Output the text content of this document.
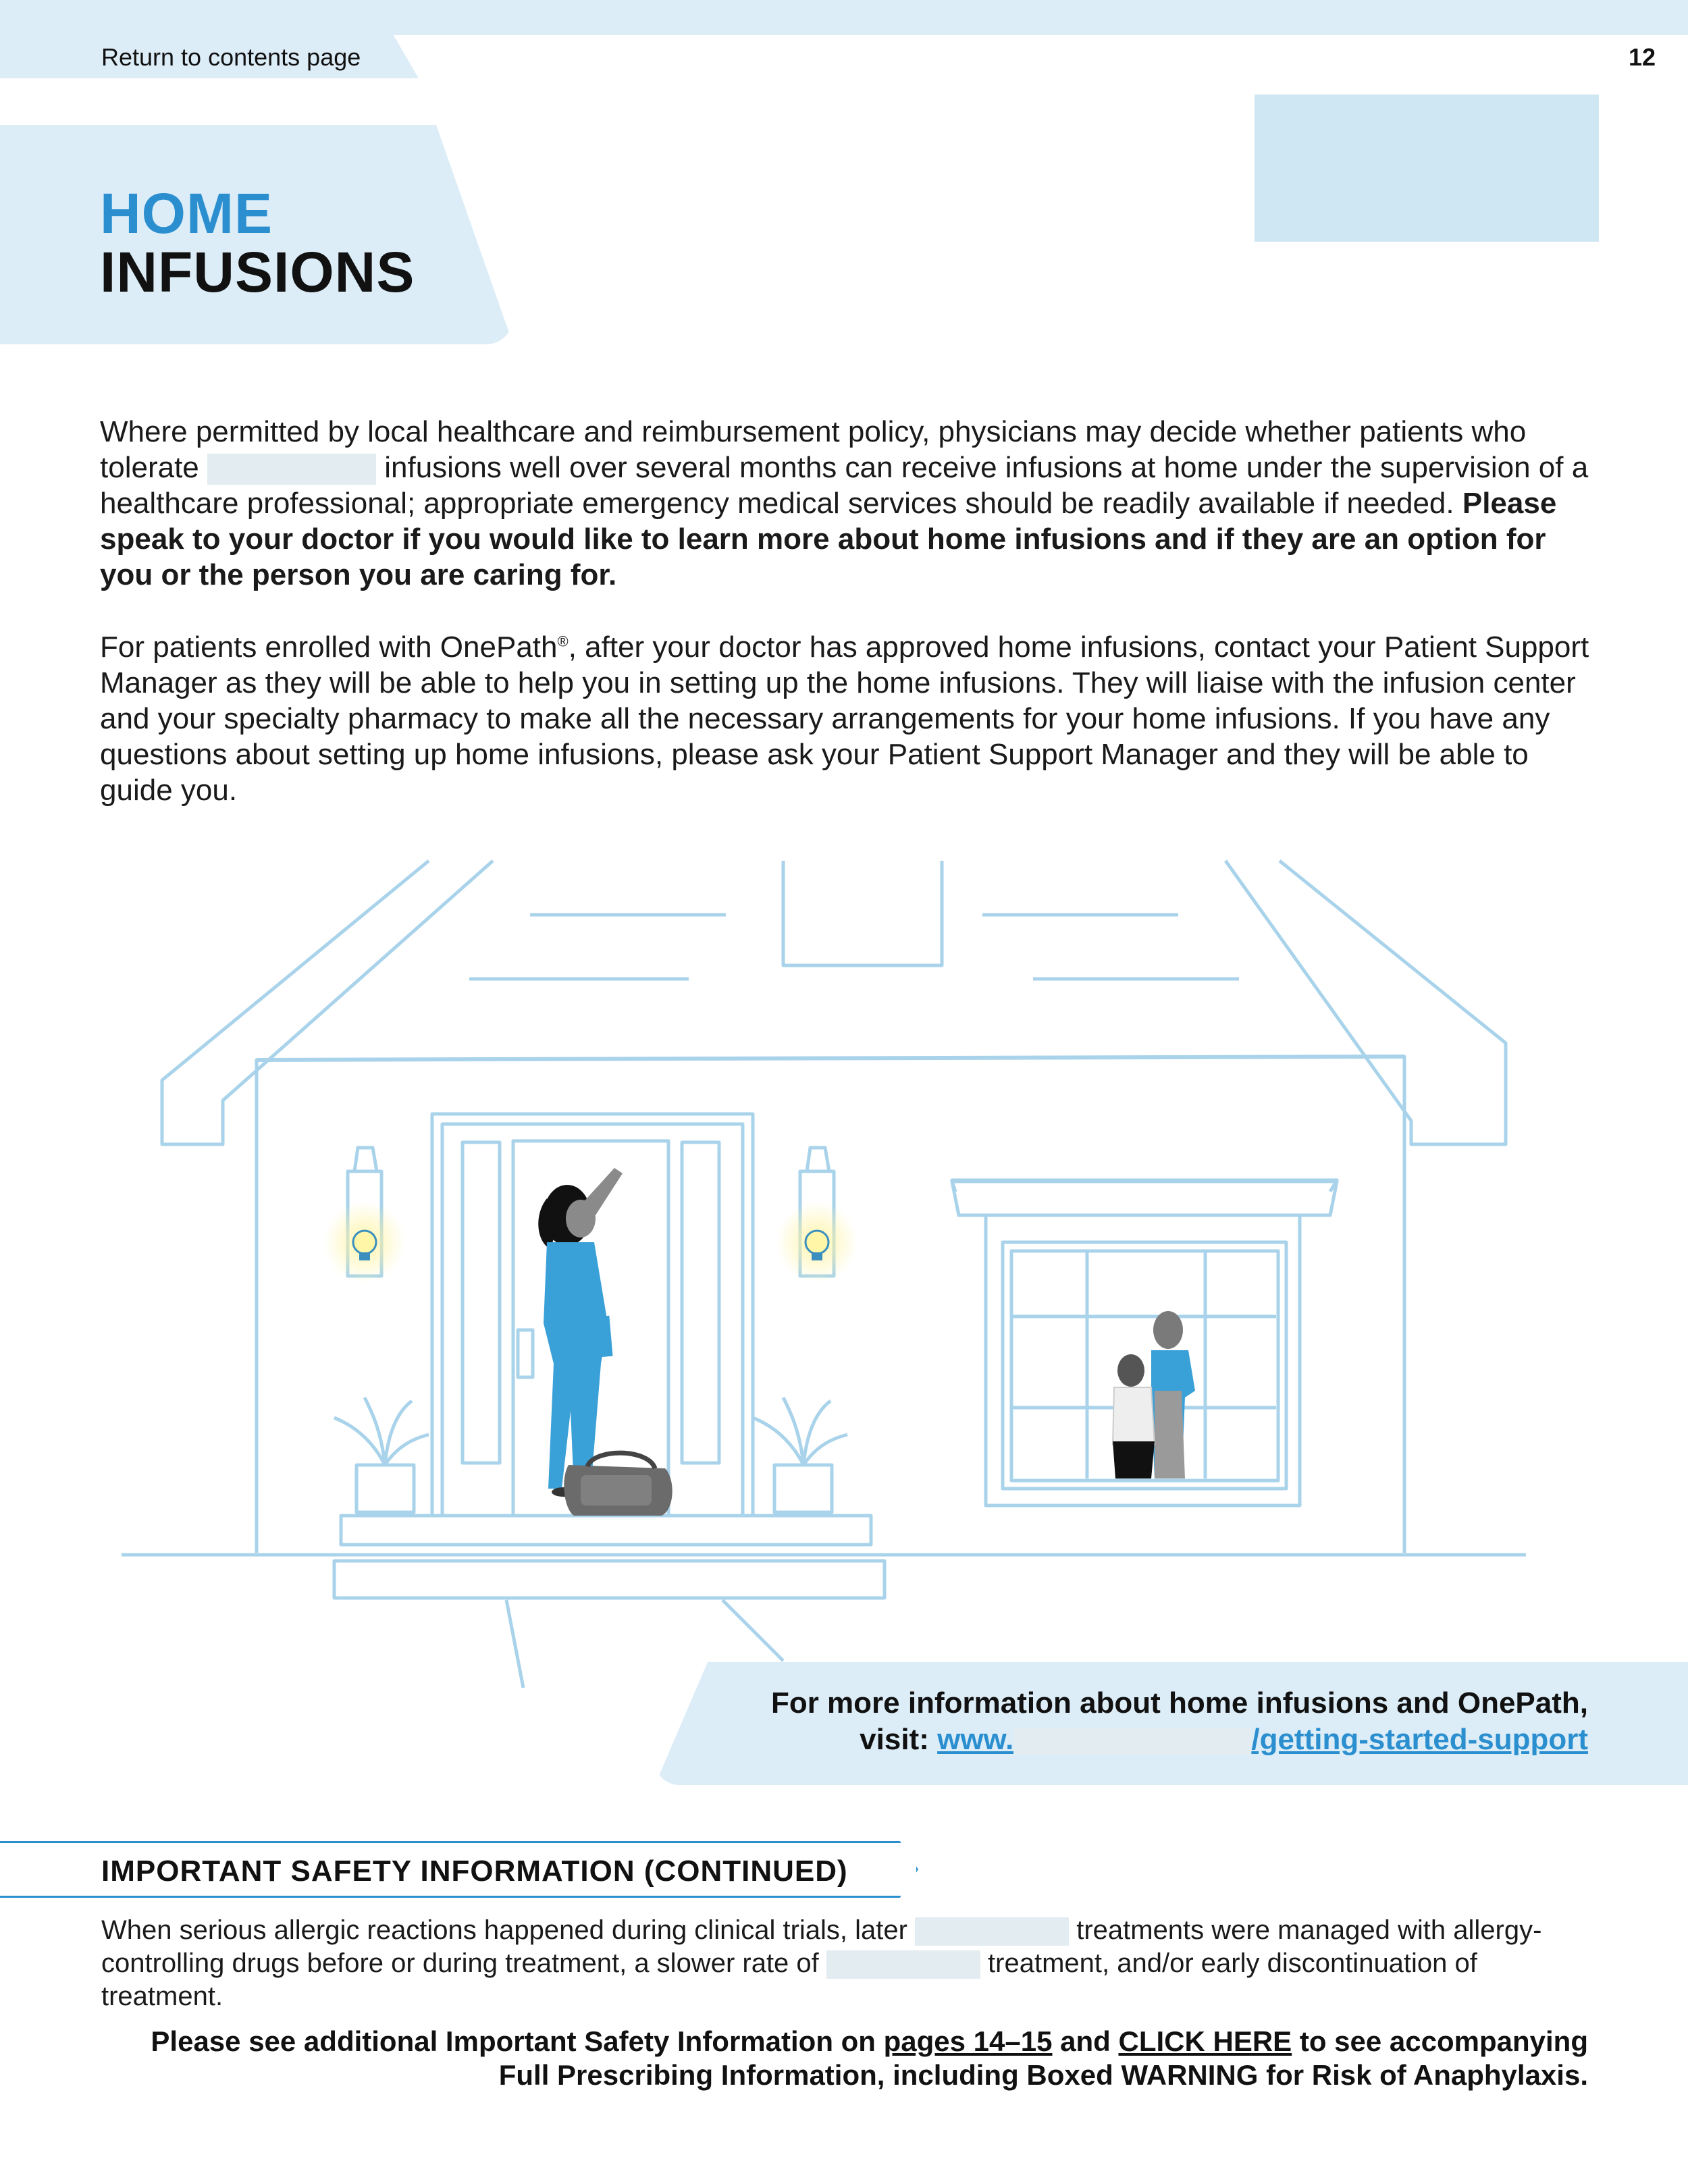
Return to contents page	12
HOME
INFUSIONS
Where permitted by local healthcare and reimbursement policy, physicians may decide whether patients who tolerate	infusions well over several months can receive infusions at home under the supervision of a healthcare professional; appropriate emergency medical services should be readily available if needed. Please speak to your doctor if you would like to learn more about home infusions and if they are an option for you or the person you are caring for.
For patients enrolled with OnePath®, after your doctor has approved home infusions, contact your Patient Support Manager as they will be able to help you in setting up the home infusions. They will liaise with the infusion center and your specialty pharmacy to make all the necessary arrangements for your home infusions. If you have any questions about setting up home infusions, please ask your Patient Support Manager and they will be able to guide you.
For more information about home infusions and OnePath,
visit: www.	/getting-started-support
IMPORTANT SAFETY INFORMATION (CONTINUED)
When serious allergic reactions happened during clinical trials, later	treatments were managed with allergy-controlling drugs before or during treatment, a slower rate of	treatment, and/or early discontinuation of treatment.
Please see additional Important Safety Information on pages 14–15 and CLICK HERE to see accompanying
Full Prescribing Information, including Boxed WARNING for Risk of Anaphylaxis.
